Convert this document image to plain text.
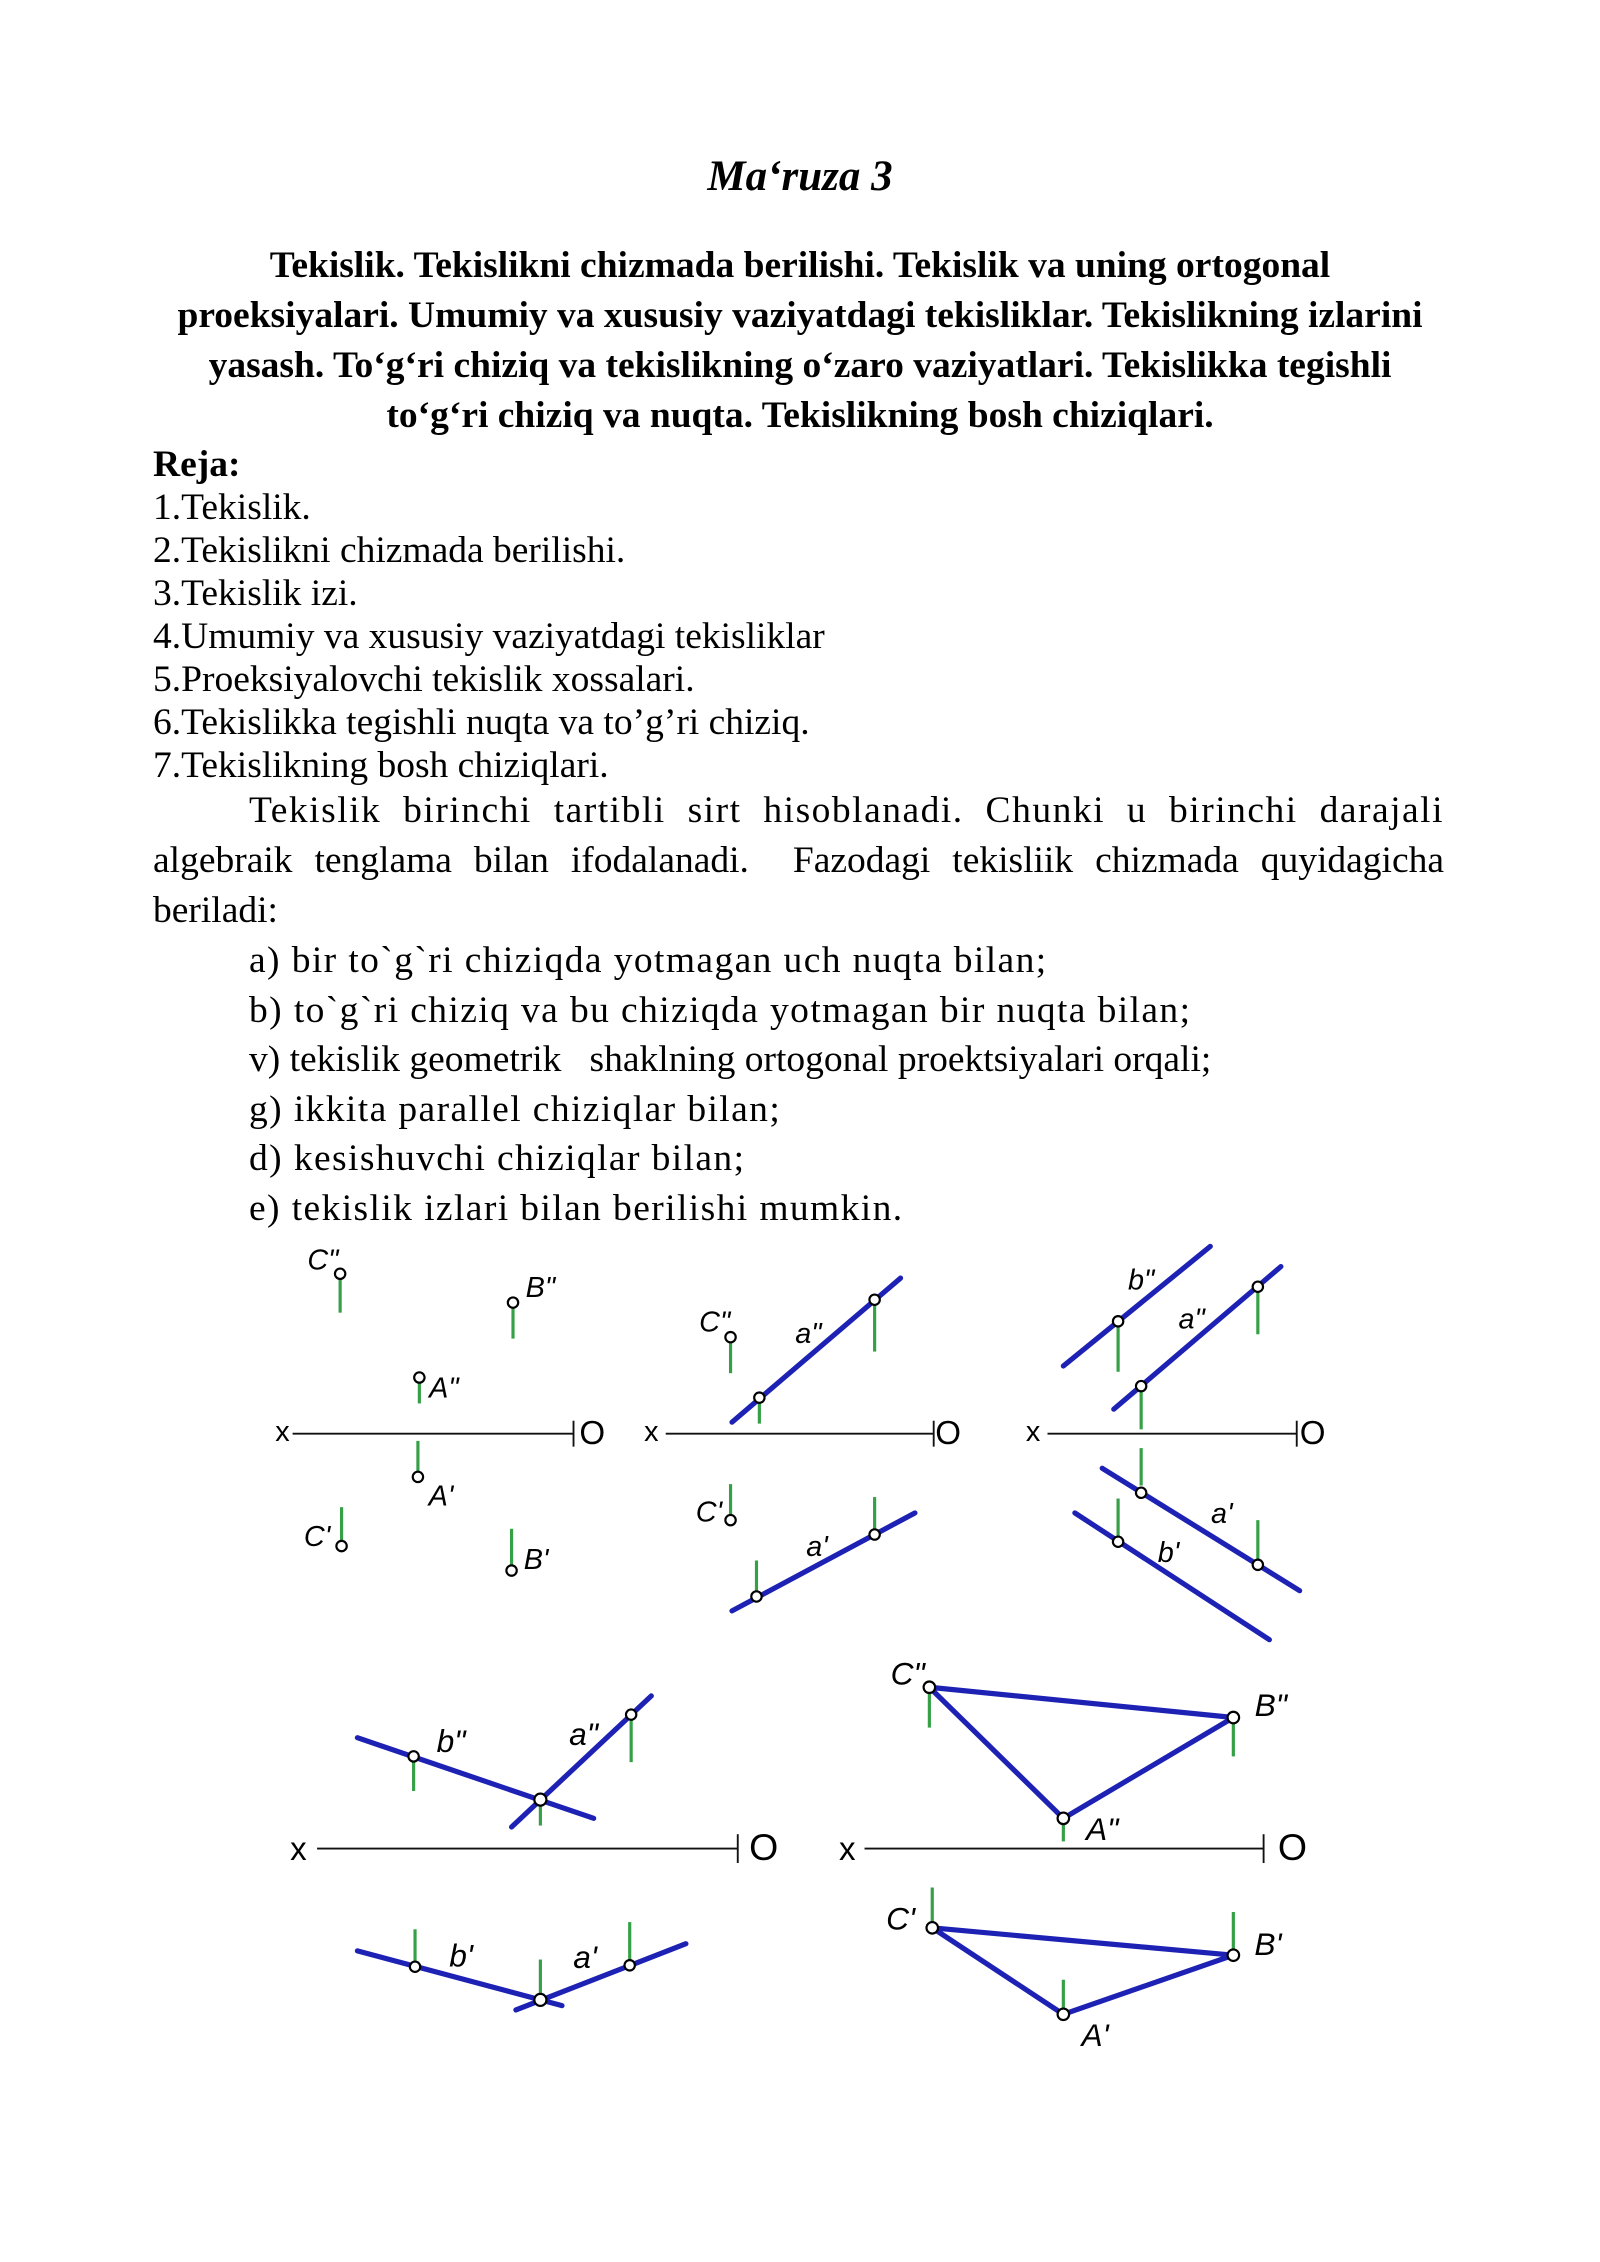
Ma‘ruza 3
Tekislik. Tekislikni chizmada berilishi. Tekislik va uning ortogonal
proeksiyalari. Umumiy va xususiy vaziyatdagi tekisliklar. Tekislikning izlarini
yasash. To‘g‘ri chiziq va tekislikning o‘zaro vaziyatlari. Tekislikka tegishli
to‘g‘ri chiziq va nuqta. Tekislikning bosh chiziqlari.
Reja:
1.Tekislik.
2.Tekislikni chizmada berilishi.
3.Tekislik izi.
4.Umumiy va xususiy vaziyatdagi tekisliklar
5.Proeksiyalovchi tekislik xossalari.
6.Tekislikka tegishli nuqta va to’g’ri chiziq.
7.Tekislikning bosh chiziqlari.
Tekislik birinchi tartibli sirt hisoblanadi. Chunki u birinchi darajali
algebraik tenglama bilan ifodalanadi.  Fazodagi tekisliik chizmada quyidagicha
beriladi:
a) bir to`g`ri chiziqda yotmagan uch nuqta bilan;
b) to`g`ri chiziq va bu chiziqda yotmagan bir nuqta bilan;
v) tekislik geometrik   shaklning ortogonal proektsiyalari orqali;
g) ikkita parallel chiziqlar bilan;
d) kesishuvchi chiziqlar bilan;
e) tekislik izlari bilan berilishi mumkin.
x	O
C"
B"
A"
A'
C'
B'
x	O
C"	a"
C'
a'
x	O
b"
a"
a'
b'
x	O
b"	a"
b'	a'
x	O
C"
B"
A"
C'
B'
A'
